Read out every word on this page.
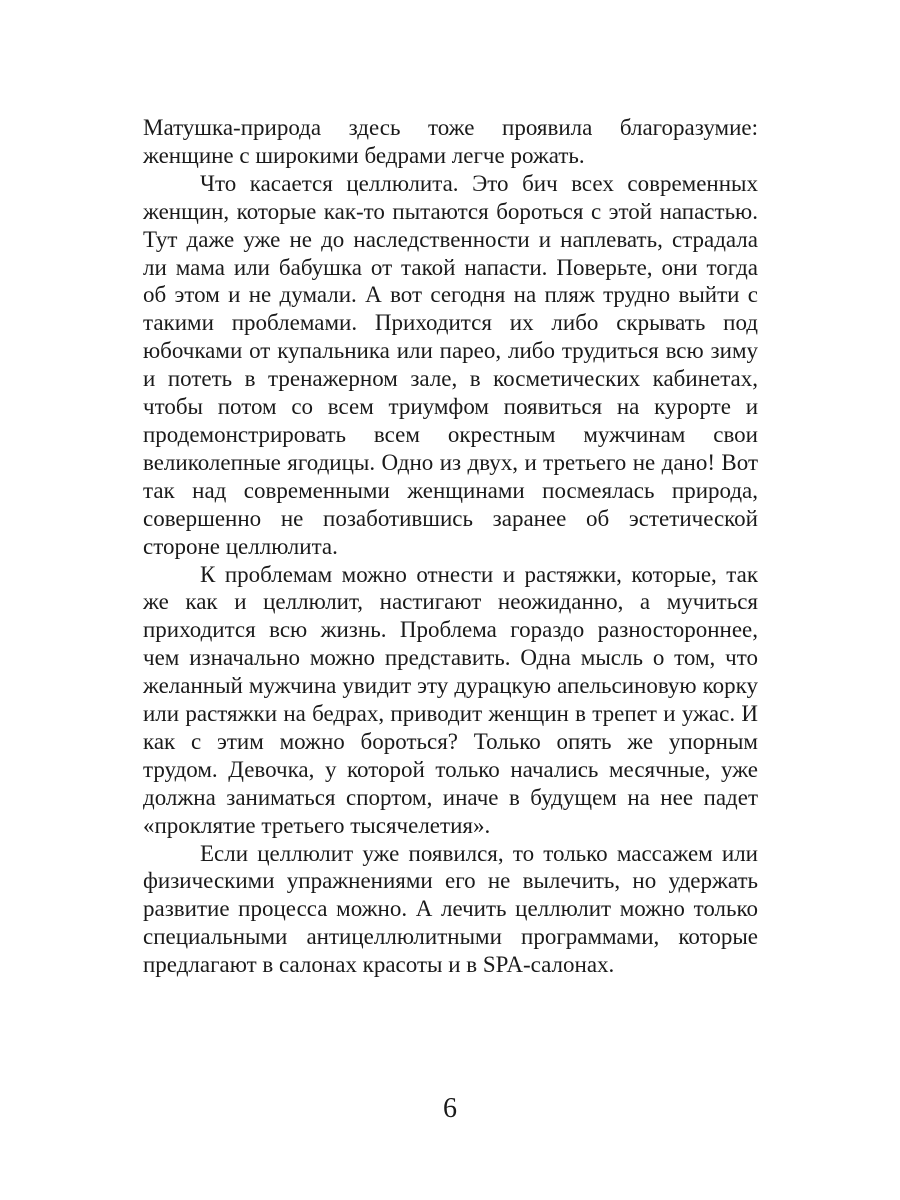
Матушка-природа здесь тоже проявила благоразумие: женщине с широкими бедрами легче рожать.

Что касается целлюлита. Это бич всех современных женщин, которые как-то пытаются бороться с этой напастью. Тут даже уже не до наследственности и наплевать, страдала ли мама или бабушка от такой напасти. Поверьте, они тогда об этом и не думали. А вот сегодня на пляж трудно выйти с такими проблемами. Приходится их либо скрывать под юбочками от купальника или парео, либо трудиться всю зиму и потеть в тренажерном зале, в косметических кабинетах, чтобы потом со всем триумфом появиться на курорте и продемонстрировать всем окрестным мужчинам свои великолепные ягодицы. Одно из двух, и третьего не дано! Вот так над современными женщинами посмеялась природа, совершенно не позаботившись заранее об эстетической стороне целлюлита.

К проблемам можно отнести и растяжки, которые, так же как и целлюлит, настигают неожиданно, а мучиться приходится всю жизнь. Проблема гораздо разностороннее, чем изначально можно представить. Одна мысль о том, что желанный мужчина увидит эту дурацкую апельсиновую корку или растяжки на бедрах, приводит женщин в трепет и ужас. И как с этим можно бороться? Только опять же упорным трудом. Девочка, у которой только начались месячные, уже должна заниматься спортом, иначе в будущем на нее падет «проклятие третьего тысячелетия».

Если целлюлит уже появился, то только массажем или физическими упражнениями его не вылечить, но удержать развитие процесса можно. А лечить целлюлит можно только специальными антицеллюлитными программами, которые предлагают в салонах красоты и в SPA-салонах.

6
